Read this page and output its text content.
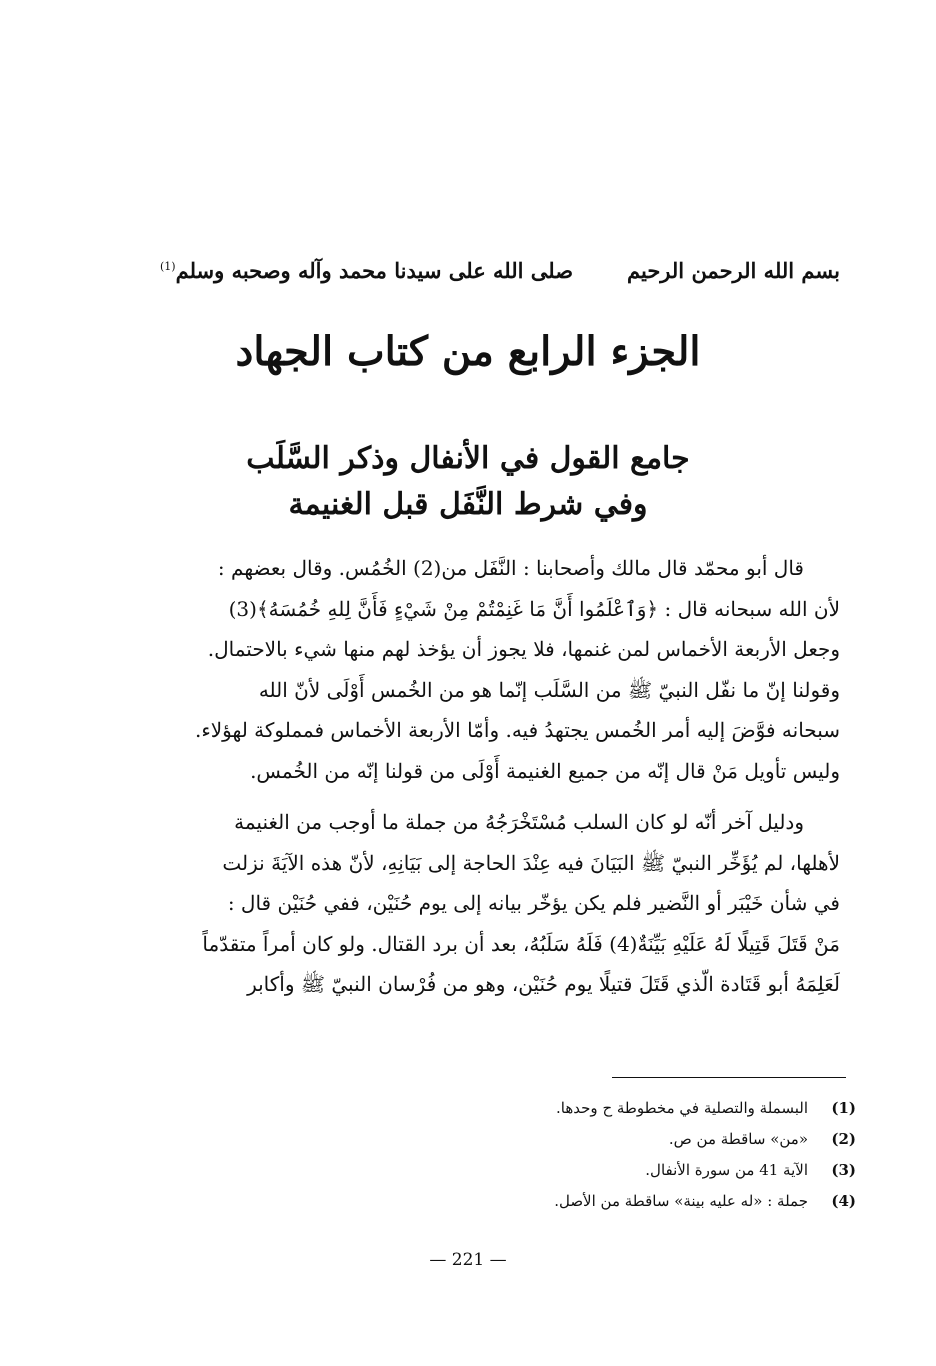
بسم الله الرحمن الرحيم
صلى الله على سيدنا محمد وآله وصحبه وسلم$^{(1)}$
الجزء الرابع من كتاب الجهاد
جامع القول في الأنفال وذكر السَّلَب
وفي شرط النَّفَل قبل الغنيمة
قال أبو محمّد قال مالك وأصحابنا : النَّفَل من(2) الخُمُس. وقال بعضهم :
لأن الله سبحانه قال : ﴿وَٱعْلَمُوا أَنَّ مَا غَنِمْتُمْ مِنْ شَيْءٍ فَأَنَّ لِلهِ خُمُسَهُ﴾(3)
وجعل الأربعة الأخماس لمن غنمها، فلا يجوز أن يؤخذ لهم منها شيء بالاحتمال.
وقولنا إنّ ما نفّل النبيّ ﷺ من السَّلَب إنّما هو من الخُمس أَوْلَى لأنّ الله
سبحانه فوَّضَ إليه أمر الخُمس يجتهدُ فيه. وأمّا الأربعة الأخماس فمملوكة لهؤلاء.
وليس تأويل مَنْ قال إنّه من جميع الغنيمة أَوْلَى من قولنا إنّه من الخُمس.
ودليل آخر أنّه لو كان السلب مُسْتَخْرَجُهُ من جملة ما أوجب من الغنيمة
لأهلها، لم يُؤَخِّر النبيّ ﷺ البَيَانَ فيه عِنْدَ الحاجة إلى بَيَانِهِ، لأنّ هذه الآيَةَ نزلت
في شأن خَيْبَر أو النَّضير فلم يكن يؤخّر بيانه إلى يوم حُنَيْن، ففي حُنَيْن قال :
مَنْ قَتَلَ قَتِيلًا لَهُ عَلَيْهِ بَيِّنَةٌ(4) فَلَهُ سَلَبُهُ، بعد أن برد القتال. ولو كان أمراً متقدّماً
لَعَلِمَهُ أبو قَتَادة الّذي قَتَلَ قتيلًا يوم حُنَيْن، وهو من فُرْسان النبيّ ﷺ وأكابر
(1)البسملة والتصلية في مخطوطة ح وحدها.
(2)«من» ساقطة من ص.
(3)الآية 41 من سورة الأنفال.
(4)جملة : «له عليه بينة» ساقطة من الأصل.
— 221 —
